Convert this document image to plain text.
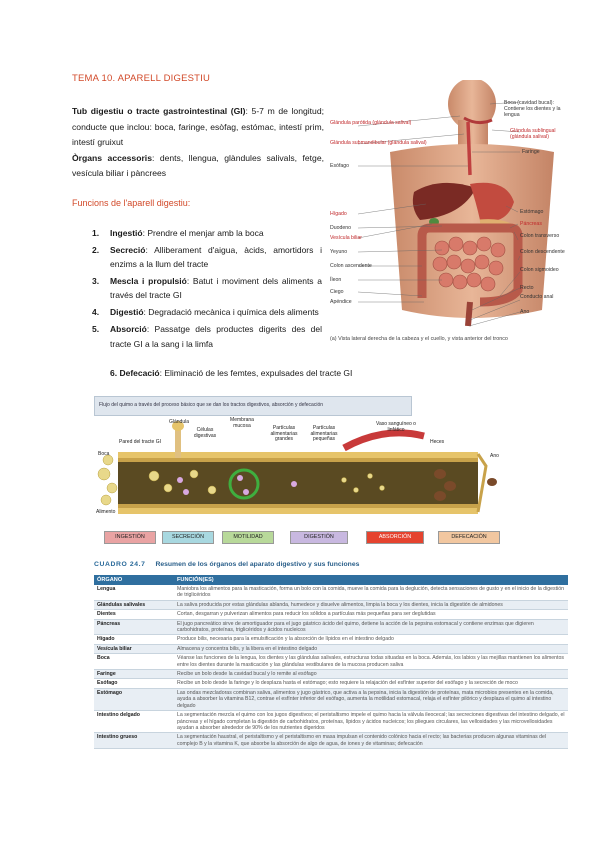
TEMA 10. APARELL DIGESTIU
Tub digestiu o tracte gastrointestinal (GI): 5-7 m de longitud; conducte que inclou: boca, faringe, esòfag, estómac, intestí prim, intestí gruixut
Òrgans accessoris: dents, llengua, glàndules salivals, fetge, vesícula biliar i pàncrees
Funcions de l'aparell digestiu:
1. Ingestió: Prendre el menjar amb la boca
2. Secreció: Alliberament d'aigua, àcids, amortidors i enzims a la llum del tracte
3. Mescla i propulsió: Batut i moviment dels aliments a través del tracte GI
4. Digestió: Degradació mecànica i química dels aliments
5. Absorció: Passatge dels productes digerits des del tracte GI a la sang i la limfa
6. Defecació: Eliminació de les femtes, expulsades del tracte GI
Glándula parótida (glándula salival)
Glándula submandibular (glándula salival)
Esófago
Hígado
Duodeno
Vesícula biliar
Yeyuno
Colon ascendente
Íleon
Ciego
Apéndice
Boca (cavidad bucal): Contiene los dientes y la lengua
Glándula sublingual (glándula salival)
Faringe
Estómago
Páncreas
Colon transverso
Colon descendente
Colon sigmoideo
Recto
Conducto anal
Ano
(a) Vista lateral derecha de la cabeza y el cuello, y vista anterior del tronco
Flujo del quimo a través del proceso básico que se dan los tractos digestivos, absorción y defecación
Boca
Alimento
Pared del tracte GI
Glándula
Células digestivas
Membrana mucosa	Partículas alimentarias grandes
Partículas alimentarias pequeñas
Vaso sanguíneo o linfático
Heces
Ano
INGESTIÓN	SECRECIÓN	MOTILIDAD	DIGESTIÓN	ABSORCIÓN	DEFECACIÓN
CUADRO 24.7 Resumen de los órganos del aparato digestivo y sus funciones
ÓRGANO	FUNCIÓN(ES)
Lengua	Maniobra los alimentos para la masticación, forma un bolo con la comida, mueve la comida para la deglución, detecta sensaciones de gusto y en el inicio de la digestión de triglicéridos
Glándulas salivales	La saliva producida por estas glándulas ablanda, humedece y disuelve alimentos, limpia la boca y los dientes, inicia la digestión de almidones
Dientes	Cortan, desgarran y pulverizan alimentos para reducir los sólidos a partículas más pequeñas para ser deglutidas
Páncreas	El jugo pancreático sirve de amortiguador para el jugo gástrico ácido del quimo, detiene la acción de la pepsina estomacal y contiene enzimas que digieren carbohidratos, proteínas, triglicéridos y ácidos nucleicos
Hígado	Produce bilis, necesaria para la emulsificación y la absorción de lípidos en el intestino delgado
Vesícula biliar	Almacena y concentra bilis, y la libera en el intestino delgado
Boca	Véanse las funciones de la lengua, los dientes y las glándulas salivales, estructuras todas situadas en la boca. Además, los labios y las mejillas mantienen los alimentos entre los dientes durante la masticación y las glándulas vestibulares de la mucosa producen saliva
Faringe	Recibe un bolo desde la cavidad bucal y lo remite al esófago
Esófago	Recibe un bolo desde la faringe y lo desplaza hasta el estómago; esto requiere la relajación del esfínter superior del esófago y la secreción de moco
Estómago	Las ondas mezcladoras combinan saliva, alimentos y jugo gástrico, que activa a la pepsina, inicia la digestión de proteínas, mata microbios presentes en la comida, ayuda a absorber la vitamina B12, contrae el esfínter inferior del esófago, aumenta la motilidad estomacal, relaja el esfínter pilórico y desplaza el quimo al intestino delgado
Intestino delgado	La segmentación mezcla el quimo con los jugos digestivos; el peristaltismo impele el quimo hacia la válvula ileocecal; las secreciones digestivas del intestino delgado, el páncreas y el hígado completan la digestión de carbohidratos, proteínas, lípidos y ácidos nucleicos; los pliegues circulares, las vellosidades y las microvellosidades ayudan a absorber alrededor de 90% de los nutrientes digeridos
Intestino grueso	La segmentación haustral, el peristaltismo y el peristaltismo en masa impulsan el contenido colónico hacia el recto; las bacterias producen algunas vitaminas del complejo B y la vitamina K, que absorbe la absorción de algo de agua, de iones y de vitaminas; defecación
